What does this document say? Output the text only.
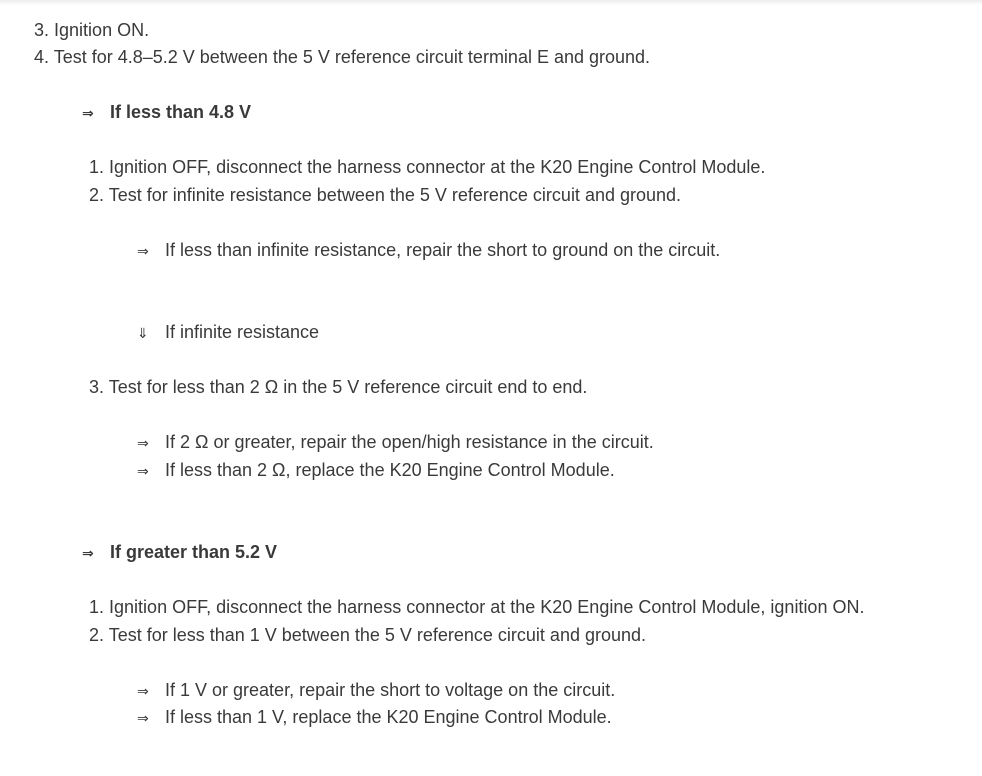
3. Ignition ON.
4. Test for 4.8–5.2 V between the 5 V reference circuit terminal E and ground.
⇒ If less than 4.8 V
1. Ignition OFF, disconnect the harness connector at the K20 Engine Control Module.
2. Test for infinite resistance between the 5 V reference circuit and ground.
⇒ If less than infinite resistance, repair the short to ground on the circuit.
⇓ If infinite resistance
3. Test for less than 2 Ω in the 5 V reference circuit end to end.
⇒ If 2 Ω or greater, repair the open/high resistance in the circuit.
⇒ If less than 2 Ω, replace the K20 Engine Control Module.
⇒ If greater than 5.2 V
1. Ignition OFF, disconnect the harness connector at the K20 Engine Control Module, ignition ON.
2. Test for less than 1 V between the 5 V reference circuit and ground.
⇒ If 1 V or greater, repair the short to voltage on the circuit.
⇒ If less than 1 V, replace the K20 Engine Control Module.
